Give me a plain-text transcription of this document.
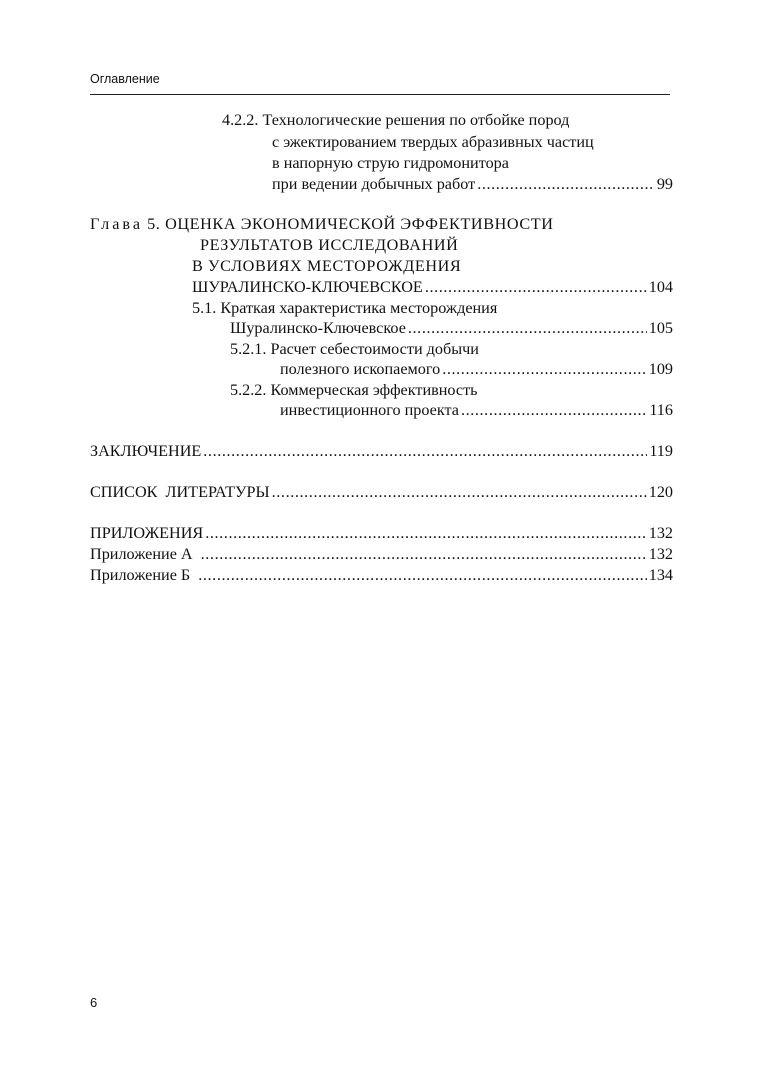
Оглавление
4.2.2. Технологические решения по отбойке пород
с эжектированием твердых абразивных частиц
в напорную струю гидромонитора
при ведении добычных работ .....	99
Глава 5. ОЦЕНКА ЭКОНОМИЧЕСКОЙ ЭФФЕКТИВНОСТИ
РЕЗУЛЬТАТОВ ИССЛЕДОВАНИЙ
В УСЛОВИЯХ МЕСТОРОЖДЕНИЯ
ШУРАЛИНСКО-КЛЮЧЕВСКОЕ .....	104
5.1. Краткая характеристика месторождения
Шуралинско-Ключевское .....	105
5.2.1. Расчет себестоимости добычи
полезного ископаемого .....	109
5.2.2. Коммерческая эффективность
инвестиционного проекта .....	116
ЗАКЛЮЧЕНИЕ .....	119
СПИСОК ЛИТЕРАТУРЫ .....	120
ПРИЛОЖЕНИЯ .....	132
Приложение А .....	132
Приложение Б .....	134
6
